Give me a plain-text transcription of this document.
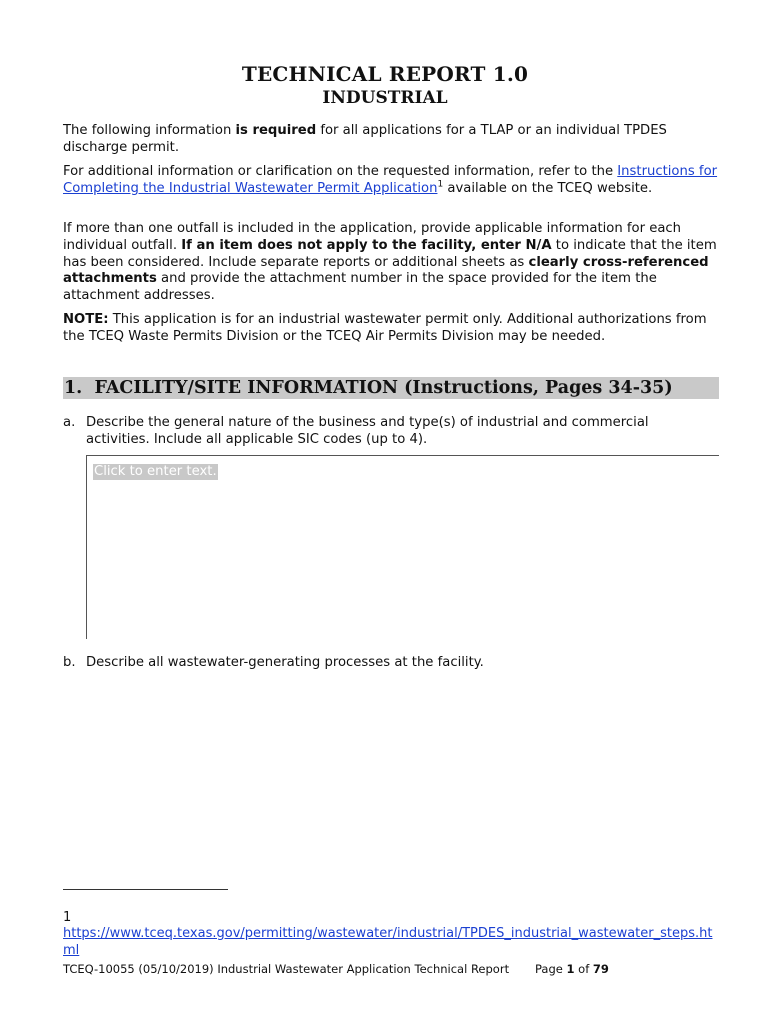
TECHNICAL REPORT 1.0
INDUSTRIAL

The following information is required for all applications for a TLAP or an individual TPDES discharge permit.

For additional information or clarification on the requested information, refer to the Instructions for Completing the Industrial Wastewater Permit Application$^1$ available on the TCEQ website.

If more than one outfall is included in the application, provide applicable information for each individual outfall. If an item does not apply to the facility, enter N/A to indicate that the item has been considered. Include separate reports or additional sheets as clearly cross-referenced attachments and provide the attachment number in the space provided for the item the attachment addresses.

NOTE: This application is for an industrial wastewater permit only. Additional authorizations from the TCEQ Waste Permits Division or the TCEQ Air Permits Division may be needed.

1.  FACILITY/SITE INFORMATION (Instructions, Pages 34-35)
a. Describe the general nature of the business and type(s) of industrial and commercial activities. Include all applicable SIC codes (up to 4).
Click to enter text.
b. Describe all wastewater-generating processes at the facility.
1
https://www.tceq.texas.gov/permitting/wastewater/industrial/TPDES_industrial_wastewater_steps.html
TCEQ-10055 (05/10/2019) Industrial Wastewater Application Technical Report Page 1 of 79
